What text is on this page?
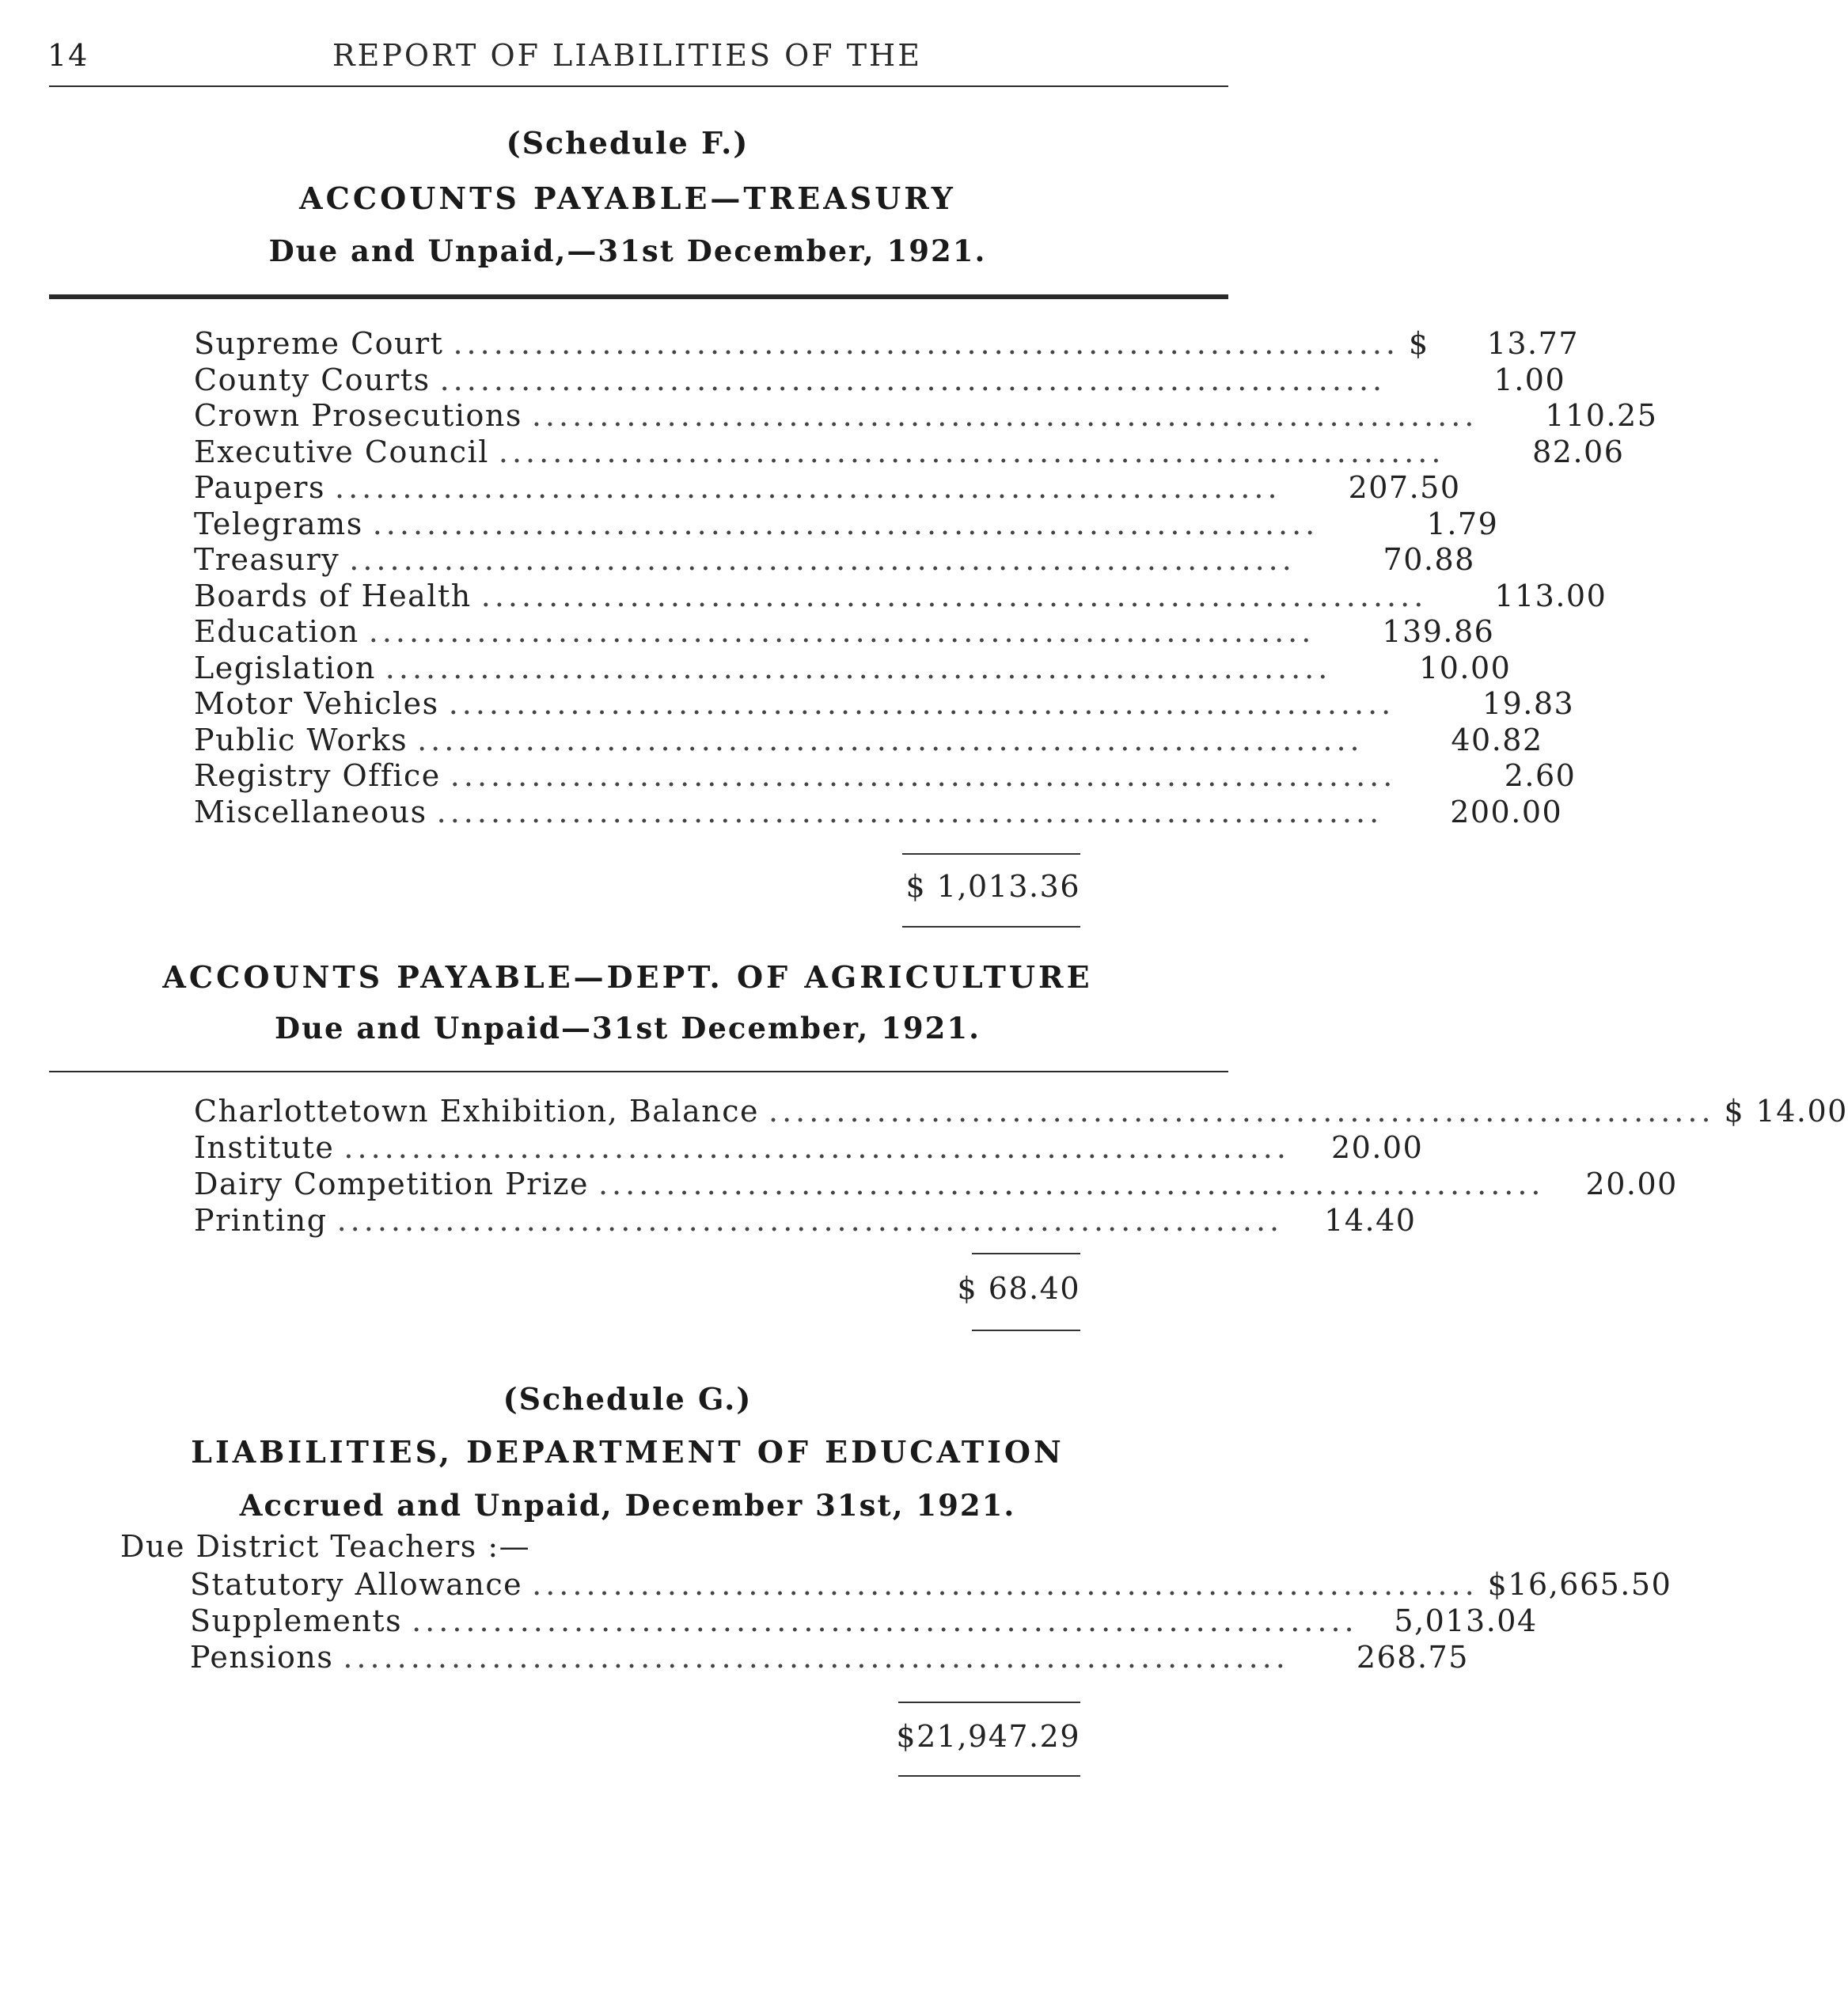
14	REPORT OF LIABILITIES OF THE
(Schedule F.)
ACCOUNTS PAYABLE—TREASURY
Due and Unpaid,—31st December, 1921.
Supreme Court ...................................................................... $	13.77
County Courts ......................................................................	1.00
Crown Prosecutions ......................................................................	110.25
Executive Council ......................................................................	82.06
Paupers ......................................................................	207.50
Telegrams ......................................................................	1.79
Treasury ......................................................................	70.88
Boards of Health ......................................................................	113.00
Education ......................................................................	139.86
Legislation ......................................................................	10.00
Motor Vehicles ......................................................................	19.83
Public Works ......................................................................	40.82
Registry Office ......................................................................	2.60
Miscellaneous ......................................................................	200.00
$ 1,013.36
ACCOUNTS PAYABLE—DEPT. OF AGRICULTURE
Due and Unpaid—31st December, 1921.
Charlottetown Exhibition, Balance ...................................................................... $ 14.00
Institute ...................................................................... 20.00
Dairy Competition Prize ...................................................................... 20.00
Printing ...................................................................... 14.40
$ 68.40
(Schedule G.)
LIABILITIES, DEPARTMENT OF EDUCATION
Accrued and Unpaid, December 31st, 1921.
Due District Teachers :—
Statutory Allowance ...................................................................... $16,665.50
Supplements ......................................................................	5,013.04
Pensions ......................................................................	268.75
$21,947.29
